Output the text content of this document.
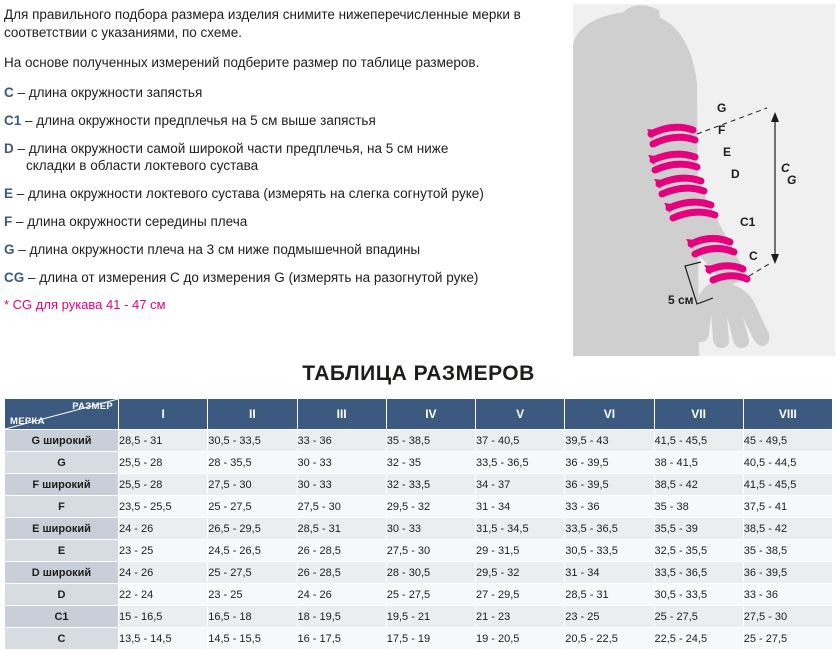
Для правильного подбора размера изделия снимите нижеперечисленные мерки в соответствии с указаниями, по схеме.

На основе полученных измерений подберите размер по таблице размеров.

C – длина окружности запястья
C1 – длина окружности предплечья на 5 см выше запястья
D – длина окружности самой широкой части предплечья, на 5 см ниже
складки в области локтевого сустава
E – длина окружности локтевого сустава (измерять на слегка согнутой руке)
F – длина окружности середины плеча
G – длина окружности плеча на 3 см ниже подмышечной впадины
CG – длина от измерения C до измерения G (измерять на разогнутой руке)
* CG для рукава 41 - 47 см
G
F
E
D
C1
C
C
G
5 см
ТАБЛИЦА РАЗМЕРОВ
РАЗМЕР
МЕРКА	I	II	III	IV	V	VI	VII	VIII
G широкий	28,5 - 31	30,5 - 33,5	33 - 36	35 - 38,5	37 - 40,5	39,5 - 43	41,5 - 45,5	45 - 49,5
G	25,5 - 28	28 - 35,5	30 - 33	32 - 35	33,5 - 36,5	36 - 39,5	38 - 41,5	40,5 - 44,5
F широкий	25,5 - 28	27,5 - 30	30 - 33	32 - 33,5	34 - 37	36 - 39,5	38,5 - 42	41,5 - 45,5
F	23,5 - 25,5	25 - 27,5	27,5 - 30	29,5 - 32	31 - 34	33 - 36	35 - 38	37,5 - 41
E широкий	24 - 26	26,5 - 29,5	28,5 - 31	30 - 33	31,5 - 34,5	33,5 - 36,5	35,5 - 39	38,5 - 42
E	23 - 25	24,5 - 26,5	26 - 28,5	27,5 - 30	29 - 31,5	30,5 - 33,5	32,5 - 35,5	35 - 38,5
D широкий	24 - 26	25 - 27,5	26 - 28,5	28 - 30,5	29,5 - 32	31 - 34	33,5 - 36,5	36 - 39,5
D	22 - 24	23 - 25	24 - 26	25 - 27,5	27 - 29,5	28,5 - 31	30,5 - 33,5	33 - 36
C1	15 - 16,5	16,5 - 18	18 - 19,5	19,5 - 21	21 - 23	23 - 25	25 - 27,5	27,5 - 30
C	13,5 - 14,5	14,5 - 15,5	16 - 17,5	17,5 - 19	19 - 20,5	20,5 - 22,5	22,5 - 24,5	25 - 27,5
